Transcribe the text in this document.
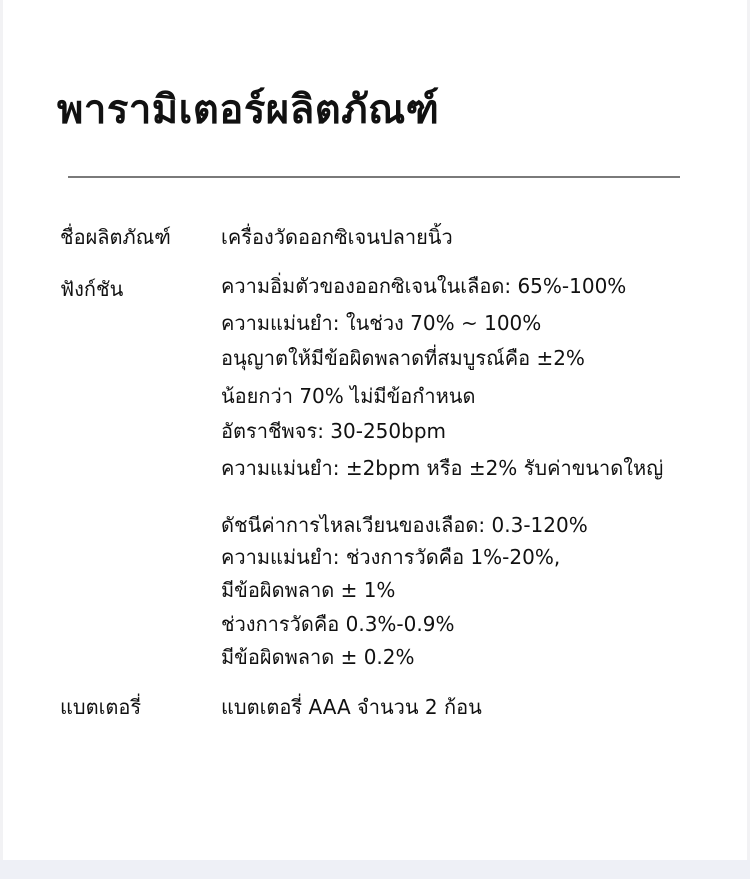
พารามิเตอร์ผลิตภัณฑ์
ชื่อผลิตภัณฑ์	เครื่องวัดออกซิเจนปลายนิ้ว
ฟังก์ชัน	ความอิ่มตัวของออกซิเจนในเลือด: 65%-100%
ความแม่นยำ: ในช่วง 70% ~ 100%
อนุญาตให้มีข้อผิดพลาดที่สมบูรณ์คือ ±2%
น้อยกว่า 70% ไม่มีข้อกำหนด
อัตราชีพจร: 30-250bpm
ความแม่นยำ: ±2bpm หรือ ±2% รับค่าขนาดใหญ่
ดัชนีค่าการไหลเวียนของเลือด: 0.3-120%
ความแม่นยำ: ช่วงการวัดคือ 1%-20%,
มีข้อผิดพลาด ± 1%
ช่วงการวัดคือ 0.3%-0.9%
มีข้อผิดพลาด ± 0.2%
แบตเตอรี่	แบตเตอรี่ AAA จำนวน 2 ก้อน
